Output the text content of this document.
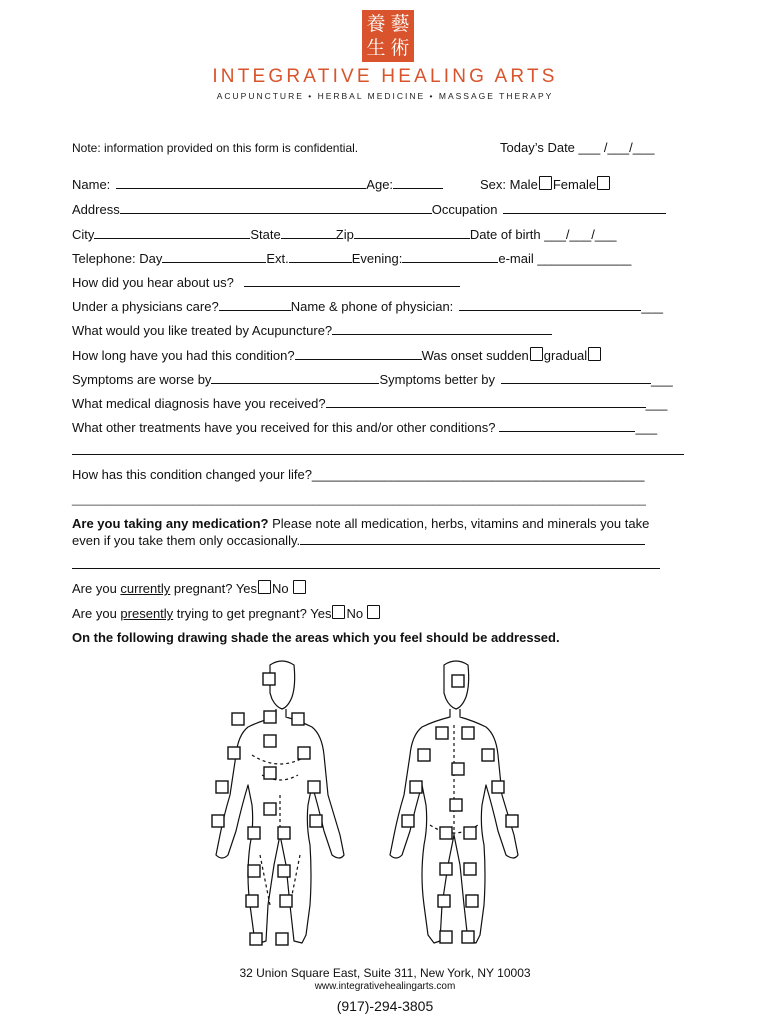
養 藝
生 術
INTEGRATIVE HEALING ARTS
ACUPUNCTURE • HERBAL MEDICINE • MASSAGE THERAPY
Note: information provided on this form is confidential.	Today’s Date ___ /___/___
Name:	Age:	Sex: Male Female
Address	Occupation
City	State	Zip	Date of birth ___/___/___
Telephone: Day	Ext.	Evening:	e-mail _____________
How did you hear about us?
Under a physicians care?	Name & phone of physician:	___
What would you like treated by Acupuncture?
How long have you had this condition?	Was onset sudden gradual
Symptoms are worse by	Symptoms better by	___
What medical diagnosis have you received?	___
What other treatments have you received for this and/or other conditions?	___
How has this condition changed your life?______________________________________________
______________________________________________________________________________________
Are you taking any medication? Please note all medication, herbs, vitamins and minerals you take
even if you take them only occasionally.
Are you currently pregnant? Yes No
Are you presently trying to get pregnant? Yes No
On the following drawing shade the areas which you feel should be addressed.
32 Union Square East, Suite 311, New York, NY 10003
www.integrativehealingarts.com
(917)-294-3805
